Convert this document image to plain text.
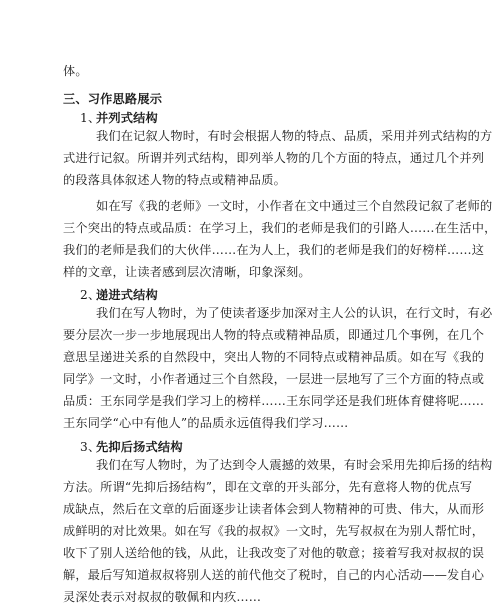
体。
三、习作思路展示
1、
并列式结构
我们在记叙人物时，有时会根据人物的特点、品质，采用并列式结构的方
式进行记叙。所谓并列式结构，即列举人物的几个方面的特点，通过几个并列
的段落具体叙述人物的特点或精神品质。
如在写《我的老师》一文时，小作者在文中通过三个自然段记叙了老师的
三个突出的特点或品质：在学习上，我们的老师是我们的引路人……在生活中，
我们的老师是我们的大伙伴……在为人上，我们的老师是我们的好榜样……这
样的文章，让读者感到层次清晰，印象深刻。
2、
递进式结构
我们在写人物时，为了使读者逐步加深对主人公的认识，在行文时，有必
要分层次一步一步地展现出人物的特点或精神品质，即通过几个事例，在几个
意思呈递进关系的自然段中，突出人物的不同特点或精神品质。如在写《我的
同学》一文时，小作者通过三个自然段，一层进一层地写了三个方面的特点或
品质：王东同学是我们学习上的榜样……王东同学还是我们班体育健将呢……
王东同学“心中有他人”的品质永远值得我们学习……
3、
先抑后扬式结构
我们在写人物时，为了达到令人震撼的效果，有时会采用先抑后扬的结构
方法。所谓“先抑后扬结构”，即在文章的开头部分，先有意将人物的优点写
成缺点，然后在文章的后面逐步让读者体会到人物精神的可贵、伟大，从而形
成鲜明的对比效果。如在写《我的叔叔》一文时，先写叔叔在为别人帮忙时，
收下了别人送给他的钱，从此，让我改变了对他的敬意；接着写我对叔叔的误
解，最后写知道叔叔将别人送的前代他交了税时，自己的内心活动——发自心
灵深处表示对叔叔的敬佩和内疚……
